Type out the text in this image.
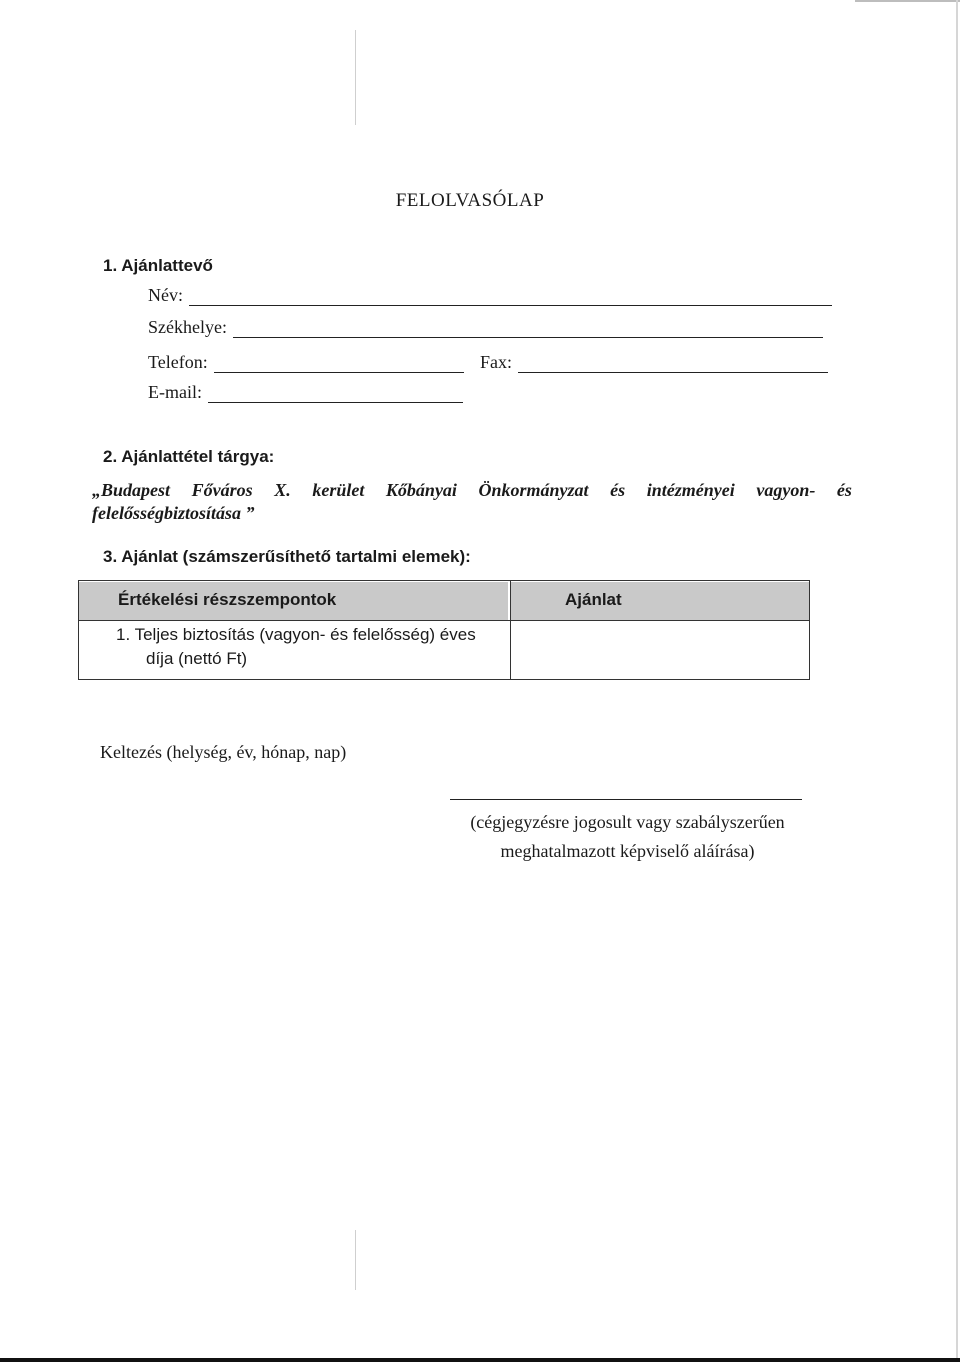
FELOLVASÓLAP
1. Ajánlattevő
Név:
Székhelye:
Telefon:	Fax:
E-mail:
2. Ajánlattétel tárgya:
„Budapest Főváros X. kerület Kőbányai Önkormányzat és intézményei vagyon- és
felelősségbiztosítása ”
3. Ajánlat (számszerűsíthető tartalmi elemek):
Értékelési részszempontok	Ajánlat
1. Teljes biztosítás (vagyon- és felelősség) éves
díja (nettó Ft)
Keltezés (helység, év, hónap, nap)
(cégjegyzésre jogosult vagy szabályszerűen
meghatalmazott képviselő aláírása)
